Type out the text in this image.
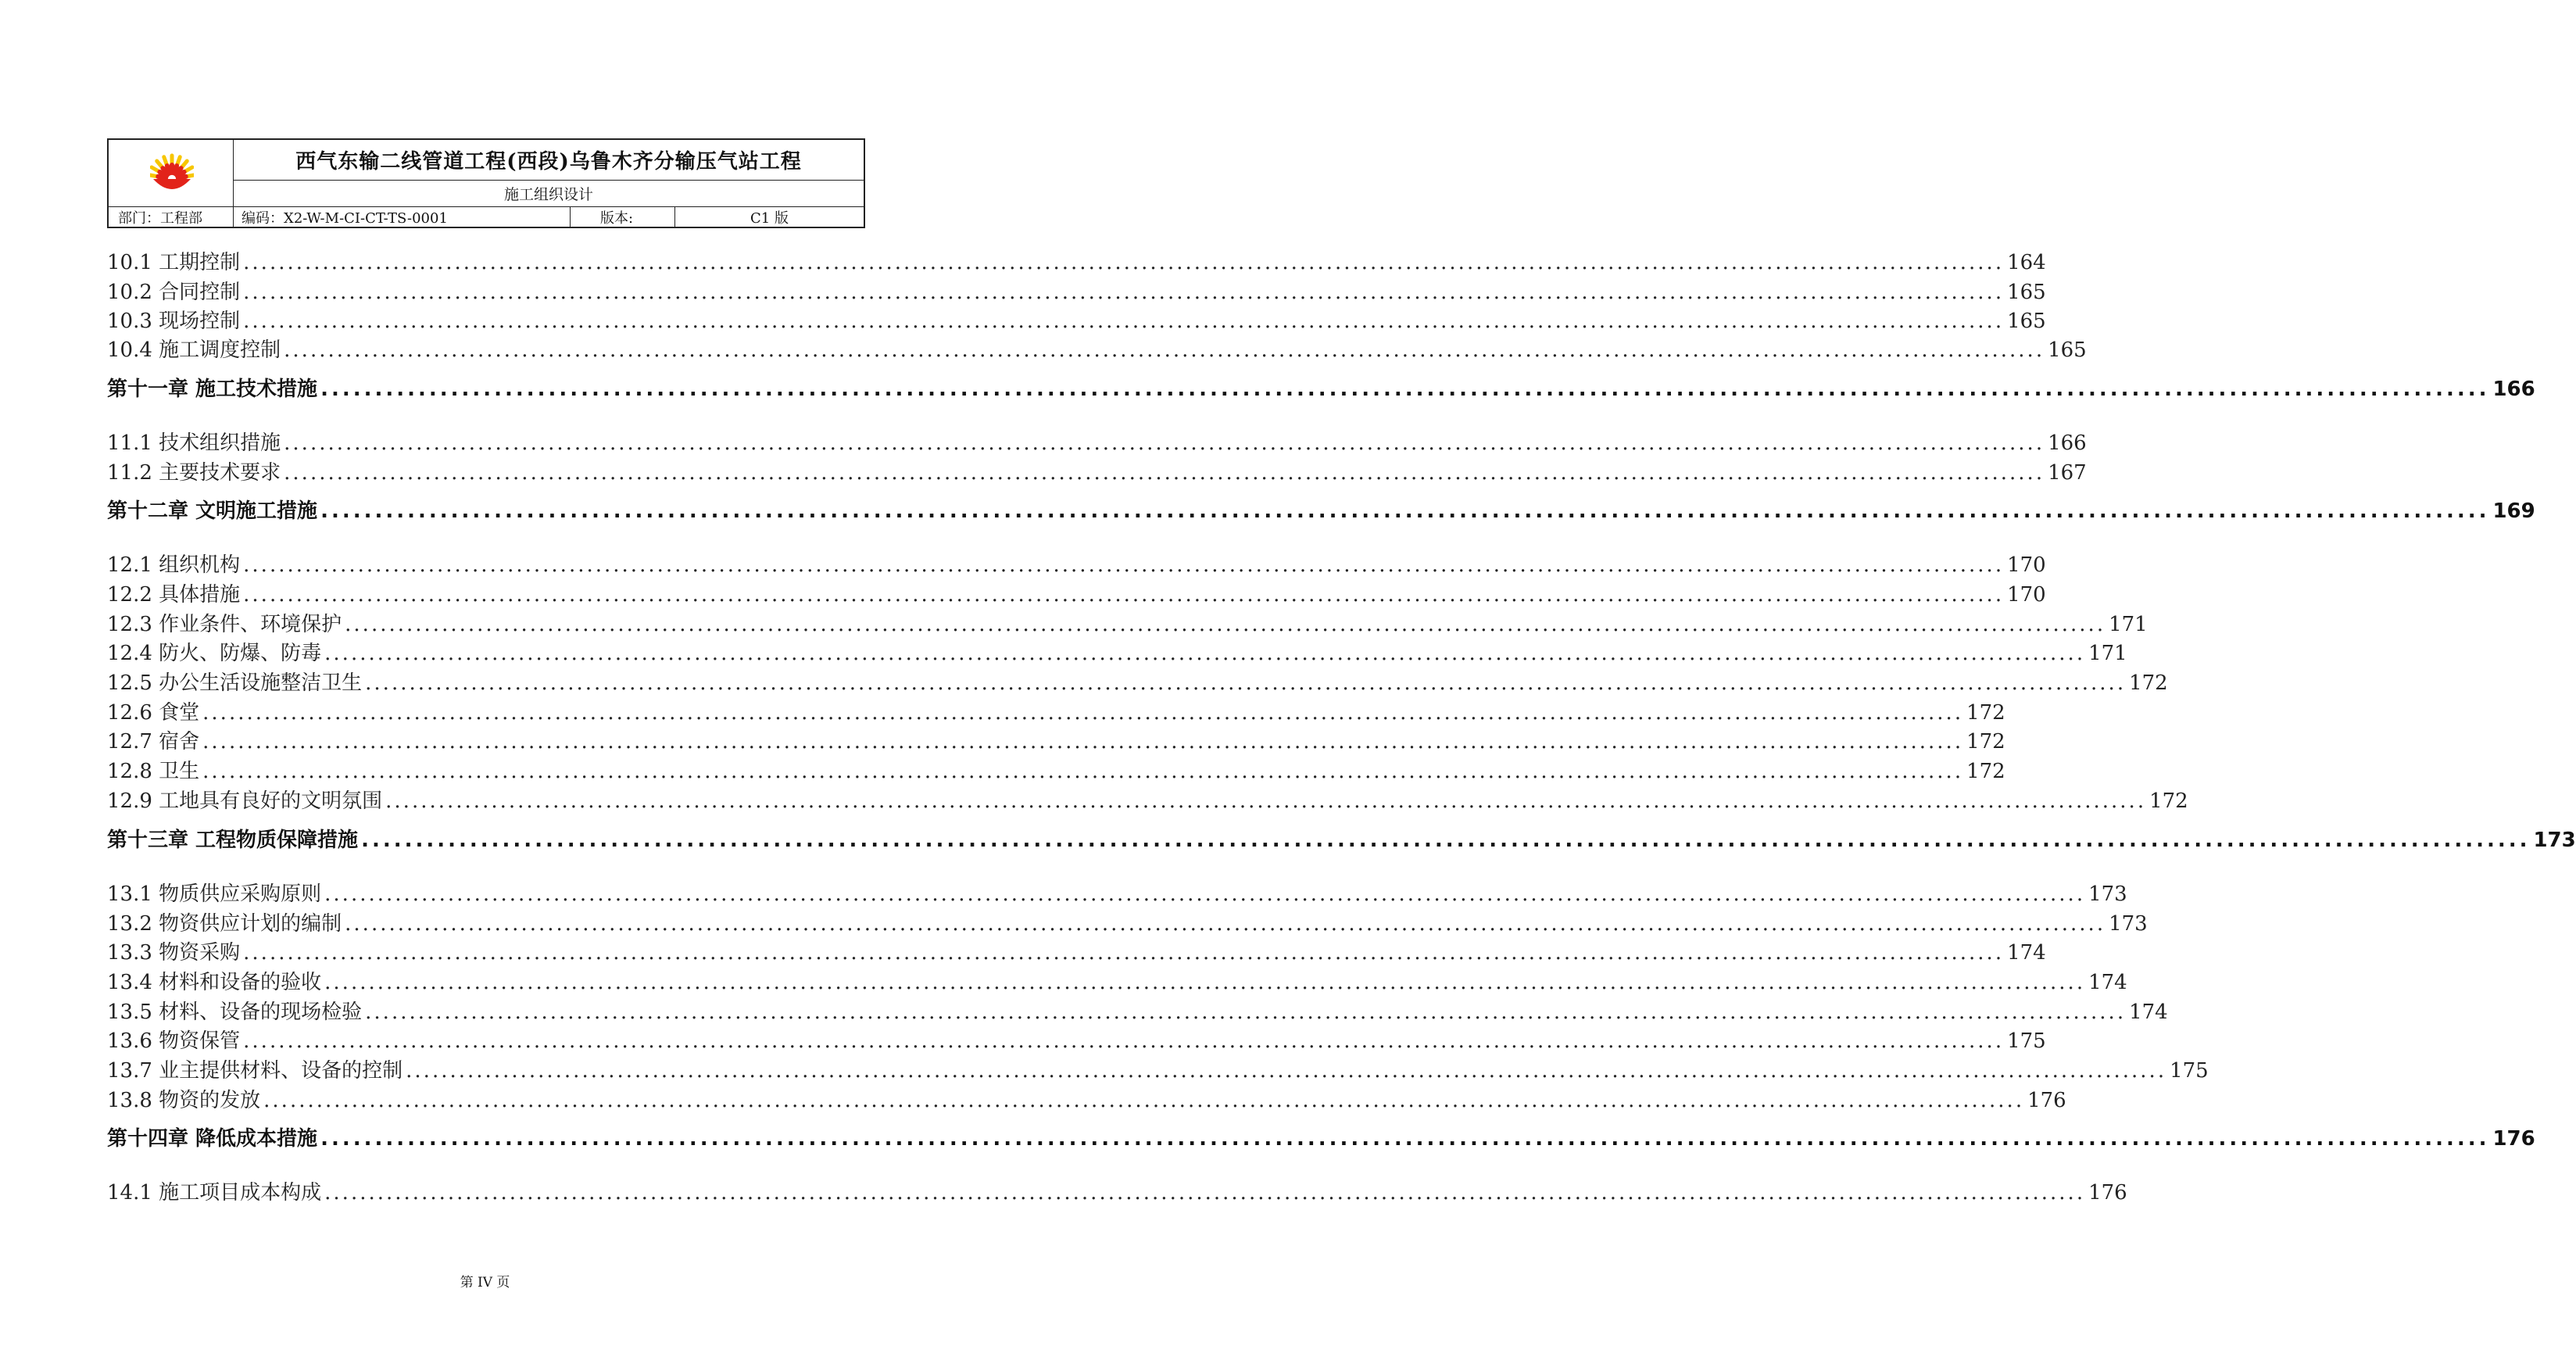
西气东输二线管道工程(西段)乌鲁木齐分输压气站工程
施工组织设计
部门：工程部	编码：X2-W-M-CI-CT-TS-0001	版本:	C1 版
10.1 工期控制 ........................................................................................................................................................................................................ 164
10.2 合同控制 ........................................................................................................................................................................................................ 165
10.3 现场控制 ........................................................................................................................................................................................................ 165
10.4 施工调度控制 ........................................................................................................................................................................................................ 165
第十一章 施工技术措施 ........................................................................................................................................................................................................ 166
11.1 技术组织措施 ........................................................................................................................................................................................................ 166
11.2 主要技术要求 ........................................................................................................................................................................................................ 167
第十二章 文明施工措施 ........................................................................................................................................................................................................ 169
12.1 组织机构 ........................................................................................................................................................................................................ 170
12.2 具体措施 ........................................................................................................................................................................................................ 170
12.3 作业条件、环境保护 ........................................................................................................................................................................................................ 171
12.4 防火、防爆、防毒 ........................................................................................................................................................................................................ 171
12.5 办公生活设施整洁卫生 ........................................................................................................................................................................................................ 172
12.6 食堂 ........................................................................................................................................................................................................ 172
12.7 宿舍 ........................................................................................................................................................................................................ 172
12.8 卫生 ........................................................................................................................................................................................................ 172
12.9 工地具有良好的文明氛围 ........................................................................................................................................................................................................ 172
第十三章 工程物质保障措施 ........................................................................................................................................................................................................ 173
13.1 物质供应采购原则 ........................................................................................................................................................................................................ 173
13.2 物资供应计划的编制 ........................................................................................................................................................................................................ 173
13.3 物资采购 ........................................................................................................................................................................................................ 174
13.4 材料和设备的验收 ........................................................................................................................................................................................................ 174
13.5 材料、设备的现场检验 ........................................................................................................................................................................................................ 174
13.6 物资保管 ........................................................................................................................................................................................................ 175
13.7 业主提供材料、设备的控制 ........................................................................................................................................................................................................ 175
13.8 物资的发放 ........................................................................................................................................................................................................ 176
第十四章 降低成本措施 ........................................................................................................................................................................................................ 176
14.1 施工项目成本构成 ........................................................................................................................................................................................................ 176
第 IV 页
